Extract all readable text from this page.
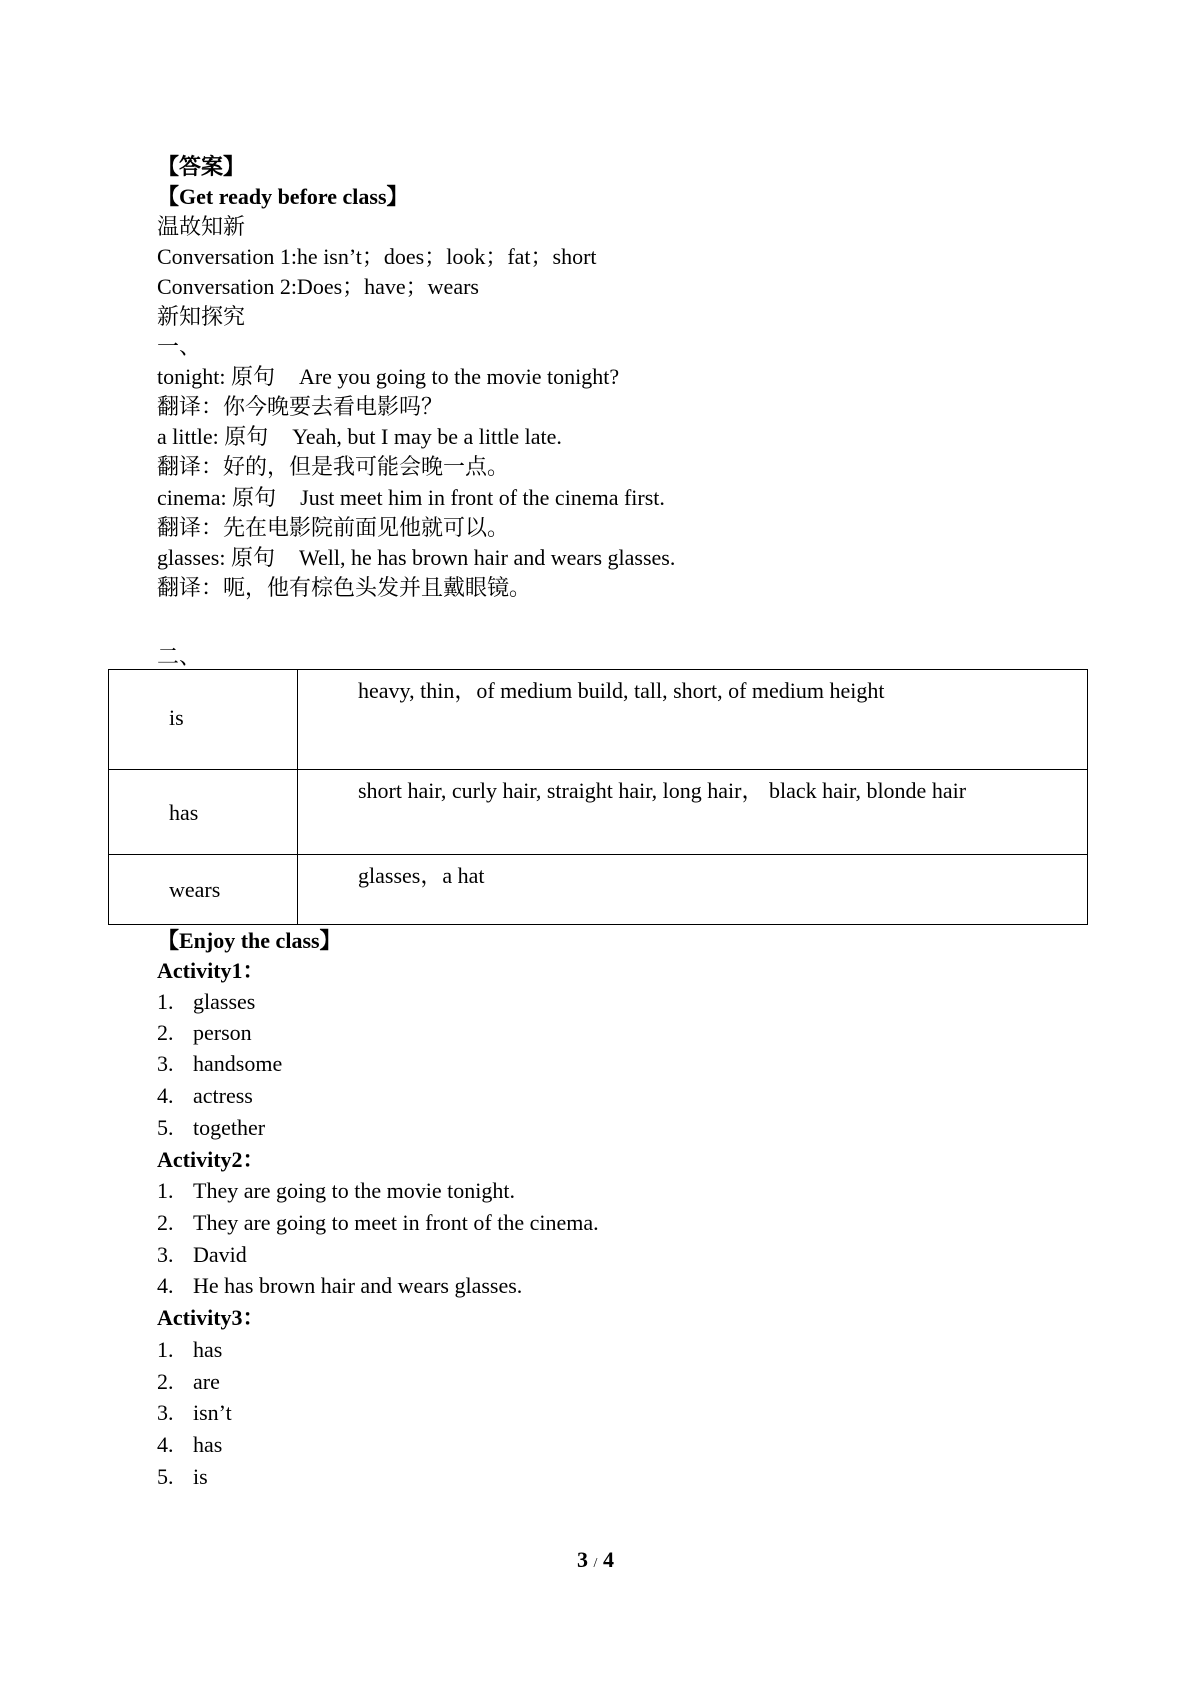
【答案】
【Get ready before class】
温故知新
Conversation 1:he isn’t；does；look；fat；short
Conversation 2:Does；have；wears
新知探究
一、
tonight: 原句 Are you going to the movie tonight?
翻译：你今晚要去看电影吗？
a little: 原句 Yeah, but I may be a little late.
翻译：好的，但是我可能会晚一点。
cinema: 原句 Just meet him in front of the cinema first.
翻译：先在电影院前面见他就可以。
glasses: 原句 Well, he has brown hair and wears glasses.
翻译：呃，他有棕色头发并且戴眼镜。
二、
is	heavy, thin，of medium build, tall, short, of medium height

has	short hair, curly hair, straight hair, long hair， black hair, blonde hair

wears	glasses，a hat
【Enjoy the class】
Activity1：
1. glasses
2. person
3. handsome
4. actress
5. together
Activity2：
1. They are going to the movie tonight.
2. They are going to meet in front of the cinema.
3. David
4. He has brown hair and wears glasses.
Activity3：
1. has
2. are
3. isn’t
4. has
5. is
3 / 4
